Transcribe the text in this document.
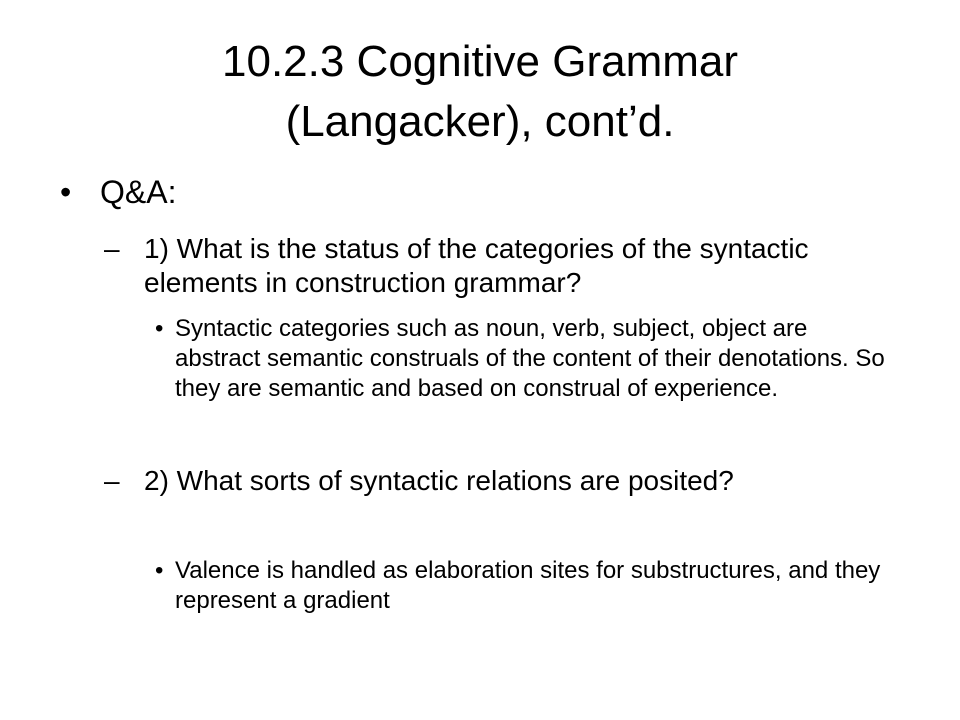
10.2.3 Cognitive Grammar
(Langacker), cont’d.
• Q&A:
– 1) What is the status of the categories of the syntactic elements in construction grammar?
• Syntactic categories such as noun, verb, subject, object are abstract semantic construals of the content of their denotations. So they are semantic and based on construal of experience.
– 2) What sorts of syntactic relations are posited?
• Valence is handled as elaboration sites for substructures, and they represent a gradient
